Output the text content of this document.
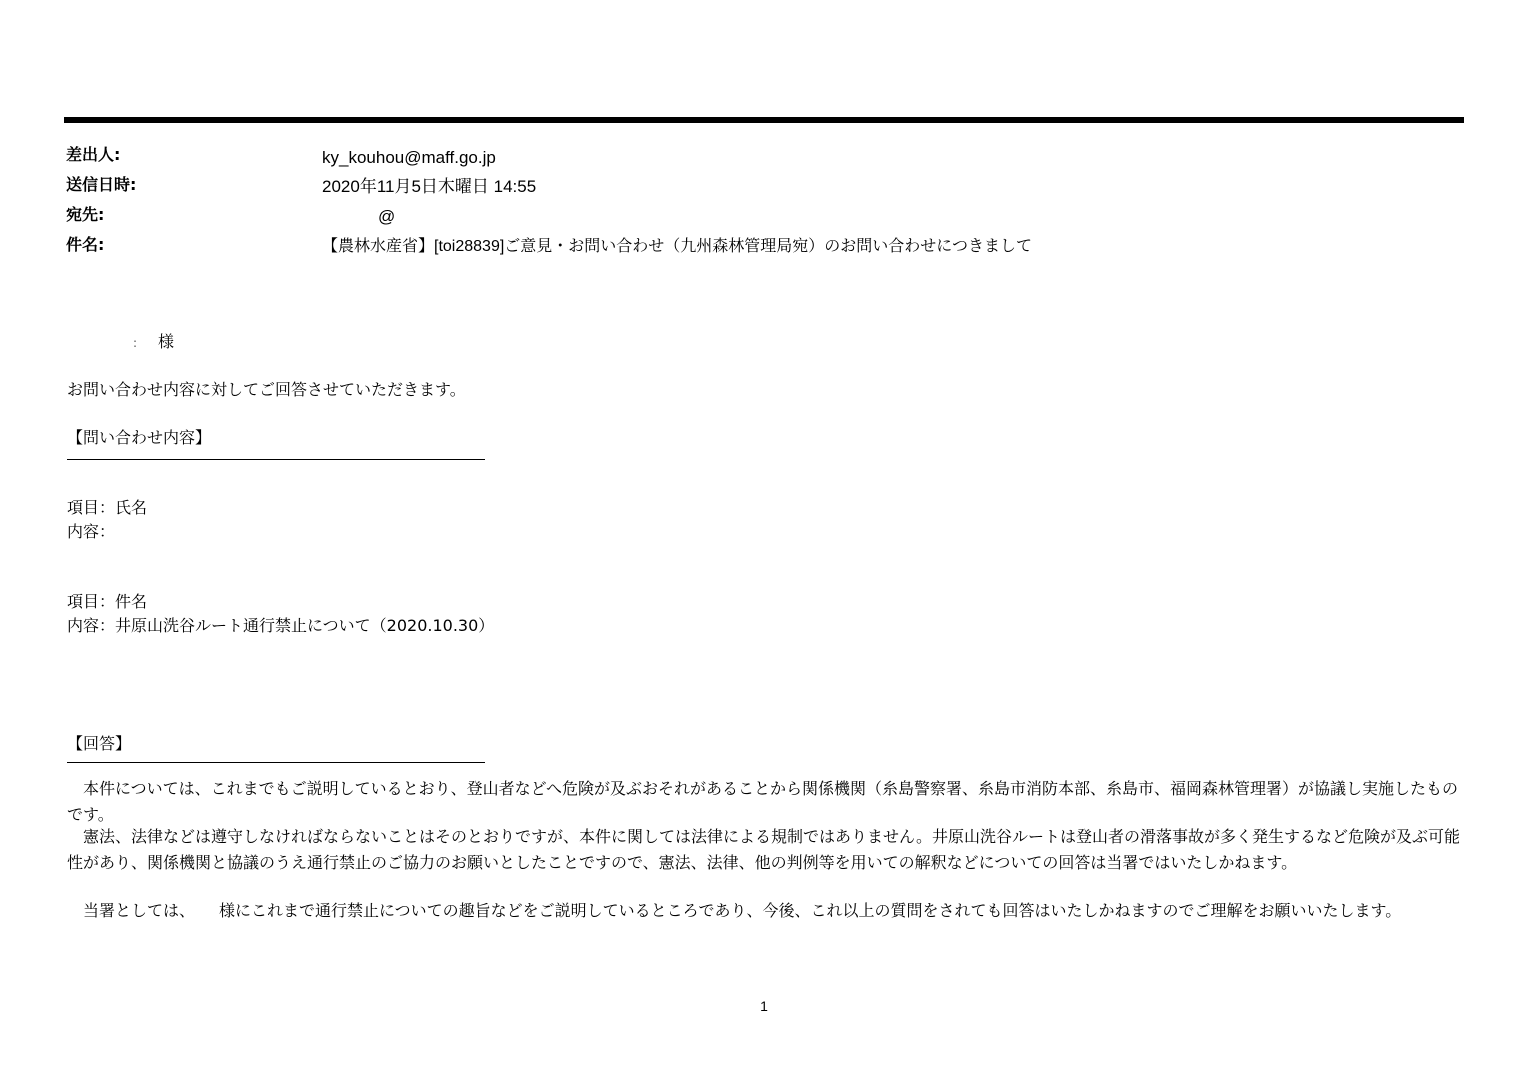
差出人:	ky_kouhou@maff.go.jp
送信日時:	2020年11月5日木曜日 14:55
宛先:	@
件名:	【農林水産省】[toi28839]ご意見・お問い合わせ（九州森林管理局宛）のお問い合わせにつきまして
: 様
お問い合わせ内容に対してご回答させていただきます。
【問い合わせ内容】
項目：氏名
内容：
項目：件名
内容：井原山洗谷ルート通行禁止について（2020.10.30）
【回答】

本件については、これまでもご説明しているとおり、登山者などへ危険が及ぶおそれがあることから関係機関（糸島警察署、糸島市消防本部、糸島市、福岡森林管理署）が協議し実施したものです。

憲法、法律などは遵守しなければならないことはそのとおりですが、本件に関しては法律による規制ではありません。井原山洗谷ルートは登山者の滑落事故が多く発生するなど危険が及ぶ可能性があり、関係機関と協議のうえ通行禁止のご協力のお願いとしたことですので、憲法、法律、他の判例等を用いての解釈などについての回答は当署ではいたしかねます。

当署としては、　　様にこれまで通行禁止についての趣旨などをご説明しているところであり、今後、これ以上の質問をされても回答はいたしかねますのでご理解をお願いいたします。

1
